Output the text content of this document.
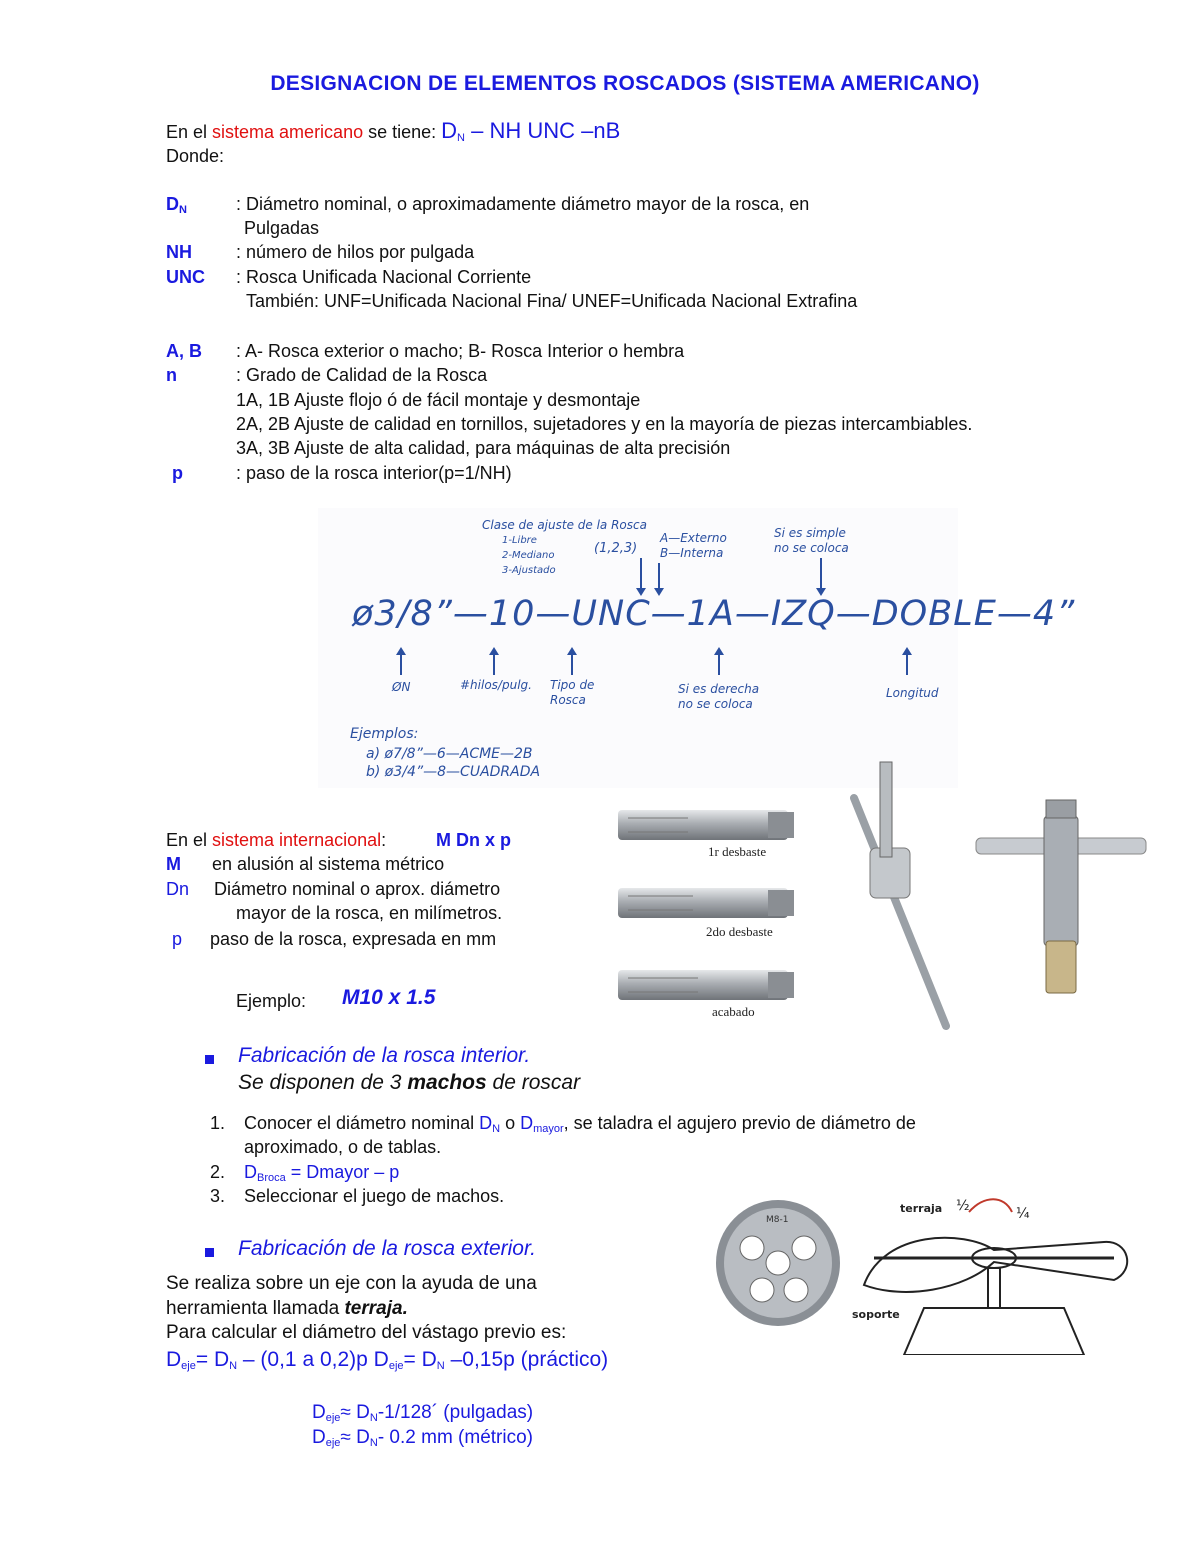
DESIGNACION DE ELEMENTOS ROSCADOS (SISTEMA AMERICANO)
En el sistema americano se tiene: $D_N$ – NH UNC –nB
Donde:
$D_N$	: Diámetro nominal, o aproximadamente diámetro mayor de la rosca, en
Pulgadas
NH : número de hilos por pulgada
UNC : Rosca Unificada Nacional Corriente
También: UNF=Unificada Nacional Fina/ UNEF=Unificada Nacional Extrafina
A, B : A- Rosca exterior o macho; B- Rosca Interior o hembra
n	: Grado de Calidad de la Rosca
1A, 1B Ajuste flojo ó de fácil montaje y desmontaje
2A, 2B Ajuste de calidad en tornillos, sujetadores y en la mayoría de piezas intercambiables.
3A, 3B Ajuste de alta calidad, para máquinas de alta precisión
p	: paso de la rosca interior(p=1/NH)
Clase de ajuste de la Rosca
1-Libre
2-Mediano
3-Ajustado
(1,2,3)
A—Externo
B—Interna
Si es simple
no se coloca
ø3/8”—10—UNC—1A—IZQ—DOBLE—4”
ØN	#hilos/pulg. Tipo de
Rosca
Si es derecha
no se coloca
Longitud
Ejemplos:
a) ø7/8”—6—ACME—2B
b) ø3/4”—8—CUADRADA
En el sistema internacional:	M Dn x p
M en alusión al sistema métrico
Dn Diámetro nominal o aprox. diámetro
mayor de la rosca, en milímetros.
p paso de la rosca, expresada en mm
Ejemplo: M10 x 1.5
1r desbaste
2do desbaste
acabado
Fabricación de la rosca interior.
Se disponen de 3 machos de roscar
1. Conocer el diámetro nominal $D_N$ o $D_{mayor}$, se taladra el agujero previo de diámetro de
aproximado, o de tablas.
2. $D_{Broca}$ = Dmayor – p
3. Seleccionar el juego de machos.
Fabricación de la rosca exterior.
Se realiza sobre un eje con la ayuda de una
herramienta llamada terraja.
Para calcular el diámetro del vástago previo es:
$D_{eje}= D_N - (0,1$ a 0,2)p $D_{eje}= D_N$ –0,15p (práctico)
$D_{eje}\approx$ $D_N-1/128´$ (pulgadas)
$D_{eje}\approx D_N-$ 0.2 mm (métrico)
M8-1
terraja
soporte
½	¼
